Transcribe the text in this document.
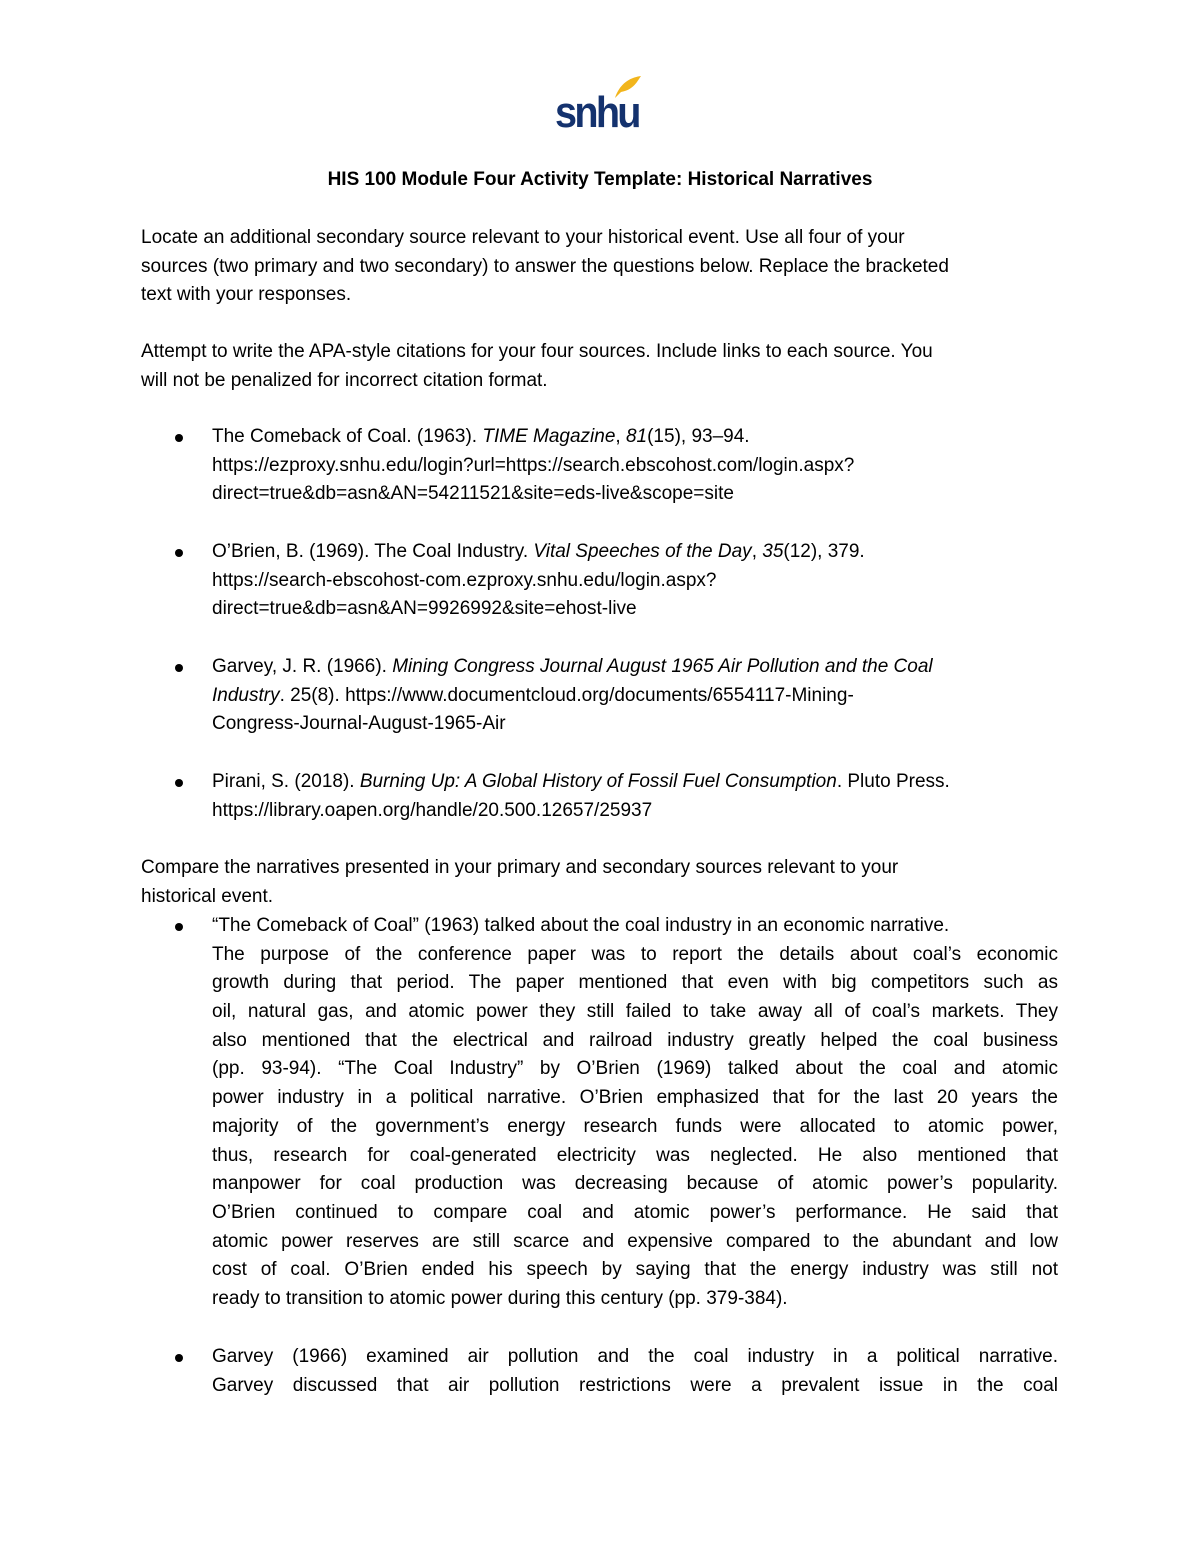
snhu
HIS 100 Module Four Activity Template: Historical Narratives
Locate an additional secondary source relevant to your historical event. Use all four of your
sources (two primary and two secondary) to answer the questions below. Replace the bracketed
text with your responses.
Attempt to write the APA-style citations for your four sources. Include links to each source. You
will not be penalized for incorrect citation format.
The Comeback of Coal. (1963). TIME Magazine, 81(15), 93–94.
https://ezproxy.snhu.edu/login?url=https://search.ebscohost.com/login.aspx?
direct=true&db=asn&AN=54211521&site=eds-live&scope=site
O’Brien, B. (1969). The Coal Industry. Vital Speeches of the Day, 35(12), 379.
https://search-ebscohost-com.ezproxy.snhu.edu/login.aspx?
direct=true&db=asn&AN=9926992&site=ehost-live
Garvey, J. R. (1966). Mining Congress Journal August 1965 Air Pollution and the Coal
Industry. 25(8). https://www.documentcloud.org/documents/6554117-Mining-
Congress-Journal-August-1965-Air
Pirani, S. (2018). Burning Up: A Global History of Fossil Fuel Consumption. Pluto Press.
https://library.oapen.org/handle/20.500.12657/25937
Compare the narratives presented in your primary and secondary sources relevant to your
historical event.
“The Comeback of Coal” (1963) talked about the coal industry in an economic narrative.
The purpose of the conference paper was to report the details about coal’s economic
growth during that period. The paper mentioned that even with big competitors such as
oil, natural gas, and atomic power they still failed to take away all of coal’s markets. They
also mentioned that the electrical and railroad industry greatly helped the coal business
(pp. 93-94). “The Coal Industry” by O’Brien (1969) talked about the coal and atomic
power industry in a political narrative. O’Brien emphasized that for the last 20 years the
majority of the government’s energy research funds were allocated to atomic power,
thus, research for coal-generated electricity was neglected. He also mentioned that
manpower for coal production was decreasing because of atomic power’s popularity.
O’Brien continued to compare coal and atomic power’s performance. He said that
atomic power reserves are still scarce and expensive compared to the abundant and low
cost of coal. O’Brien ended his speech by saying that the energy industry was still not
ready to transition to atomic power during this century (pp. 379-384).
Garvey (1966) examined air pollution and the coal industry in a political narrative.
Garvey discussed that air pollution restrictions were a prevalent issue in the coal
